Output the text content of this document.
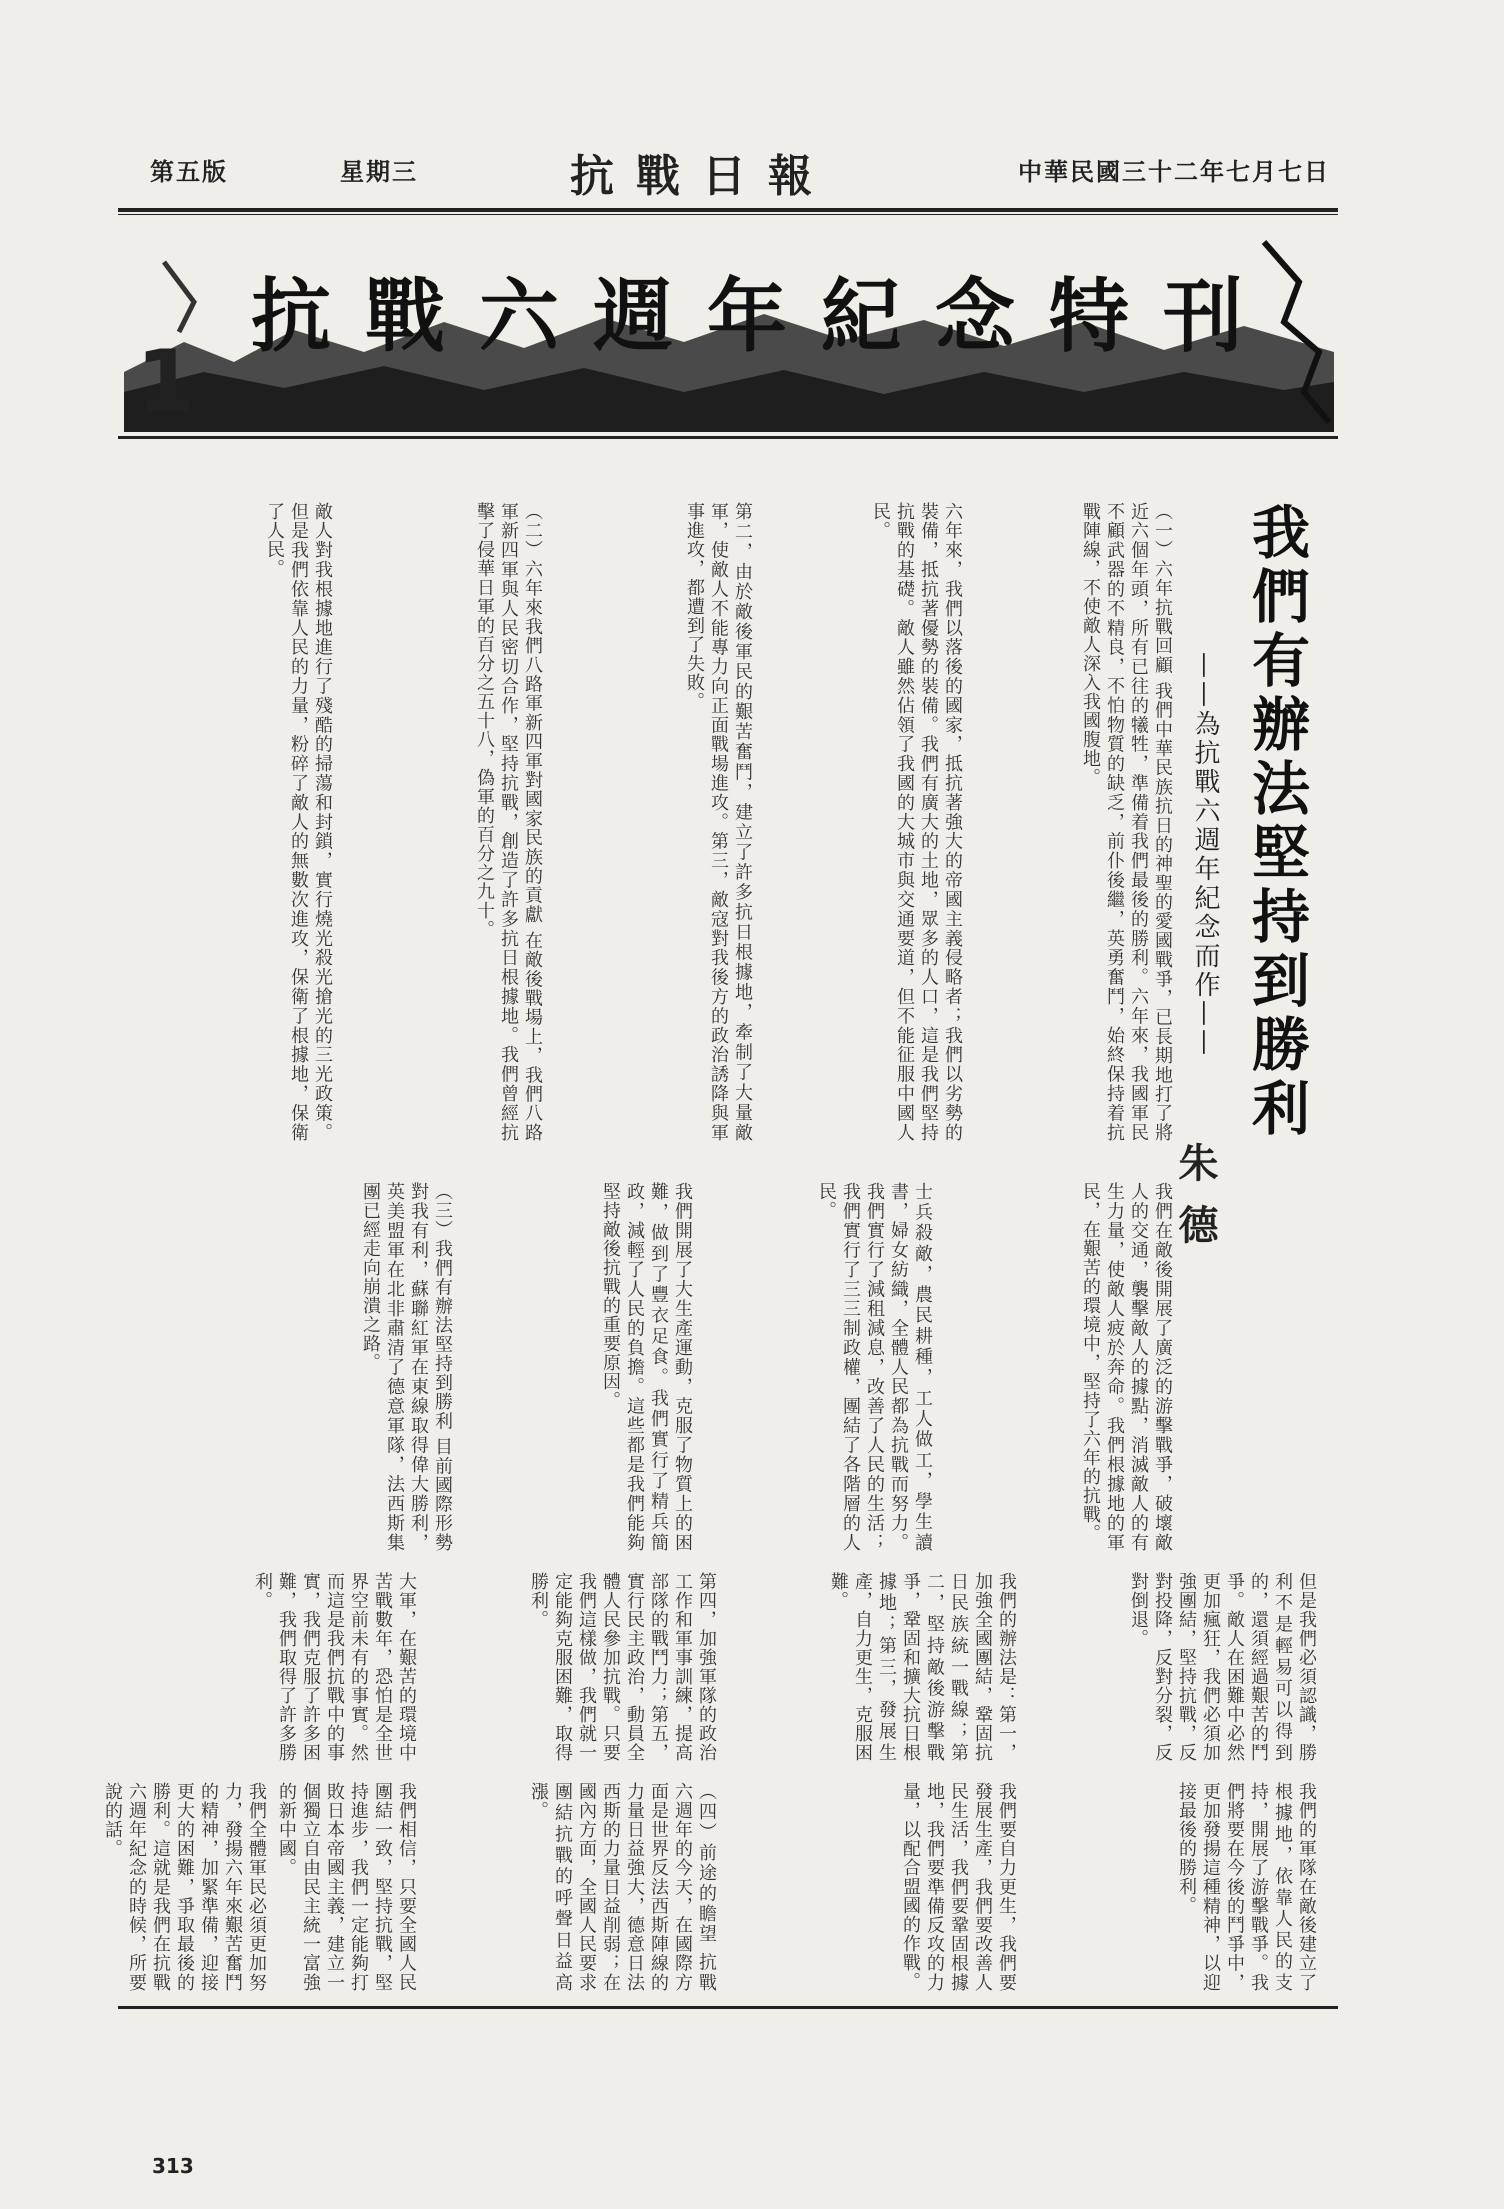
第五版	星期三	抗戰日報	中華民國三十二年七月七日
抗戰六週年紀念特刊
1
我們有辦法堅持到勝利
——為抗戰六週年紀念而作——
朱德
（一）六年抗戰回顧 我們中華民族抗日的神聖的愛國戰爭，已長期地打了將近六個年頭，所有已往的犧牲，準備着我們最後的勝利。六年來，我國軍民不顧武器的不精良，不怕物質的缺乏，前仆後繼，英勇奮鬥，始終保持着抗戰陣線，不使敵人深入我國腹地。
六年來，我們以落後的國家，抵抗著強大的帝國主義侵略者；我們以劣勢的裝備，抵抗著優勢的裝備。我們有廣大的土地，眾多的人口，這是我們堅持抗戰的基礎。敵人雖然佔領了我國的大城市與交通要道，但不能征服中國人民。
第二，由於敵後軍民的艱苦奮鬥，建立了許多抗日根據地，牽制了大量敵軍，使敵人不能專力向正面戰場進攻。第三，敵寇對我後方的政治誘降與軍事進攻，都遭到了失敗。
（二）六年來我們八路軍新四軍對國家民族的貢獻 在敵後戰場上，我們八路軍新四軍與人民密切合作，堅持抗戰，創造了許多抗日根據地。我們曾經抗擊了侵華日軍的百分之五十八，偽軍的百分之九十。
敵人對我根據地進行了殘酷的掃蕩和封鎖，實行燒光殺光搶光的三光政策。但是我們依靠人民的力量，粉碎了敵人的無數次進攻，保衛了根據地，保衛了人民。
我們在敵後開展了廣泛的游擊戰爭，破壞敵人的交通，襲擊敵人的據點，消滅敵人的有生力量，使敵人疲於奔命。我們根據地的軍民，在艱苦的環境中，堅持了六年的抗戰。
士兵殺敵，農民耕種，工人做工，學生讀書，婦女紡織，全體人民都為抗戰而努力。我們實行了減租減息，改善了人民的生活；我們實行了三三制政權，團結了各階層的人民。
我們開展了大生產運動，克服了物質上的困難，做到了豐衣足食。我們實行了精兵簡政，減輕了人民的負擔。這些都是我們能夠堅持敵後抗戰的重要原因。
（三）我們有辦法堅持到勝利 目前國際形勢對我有利，蘇聯紅軍在東線取得偉大勝利，英美盟軍在北非肅清了德意軍隊，法西斯集團已經走向崩潰之路。
但是我們必須認識，勝利不是輕易可以得到的，還須經過艱苦的鬥爭。敵人在困難中必然更加瘋狂，我們必須加強團結，堅持抗戰，反對投降，反對分裂，反對倒退。
我們的辦法是：第一，加強全國團結，鞏固抗日民族統一戰線；第二，堅持敵後游擊戰爭，鞏固和擴大抗日根據地；第三，發展生產，自力更生，克服困難。
第四，加強軍隊的政治工作和軍事訓練，提高部隊的戰鬥力；第五，實行民主政治，動員全體人民參加抗戰。只要我們這樣做，我們就一定能夠克服困難，取得勝利。
大軍，在艱苦的環境中苦戰數年，恐怕是全世界空前未有的事實。然而這是我們抗戰中的事實，我們克服了許多困難，我們取得了許多勝利。
我們的軍隊在敵後建立了根據地，依靠人民的支持，開展了游擊戰爭。我們將要在今後的鬥爭中，更加發揚這種精神，以迎接最後的勝利。
我們要自力更生，我們要發展生產，我們要改善人民生活，我們要鞏固根據地，我們要準備反攻的力量，以配合盟國的作戰。
（四）前途的瞻望 抗戰六週年的今天，在國際方面是世界反法西斯陣線的力量日益強大，德意日法西斯的力量日益削弱；在國內方面，全國人民要求團結抗戰的呼聲日益高漲。
我們相信，只要全國人民團結一致，堅持抗戰，堅持進步，我們一定能夠打敗日本帝國主義，建立一個獨立自由民主統一富強的新中國。
我們全體軍民必須更加努力，發揚六年來艱苦奮鬥的精神，加緊準備，迎接更大的困難，爭取最後的勝利。這就是我們在抗戰六週年紀念的時候，所要說的話。
313
